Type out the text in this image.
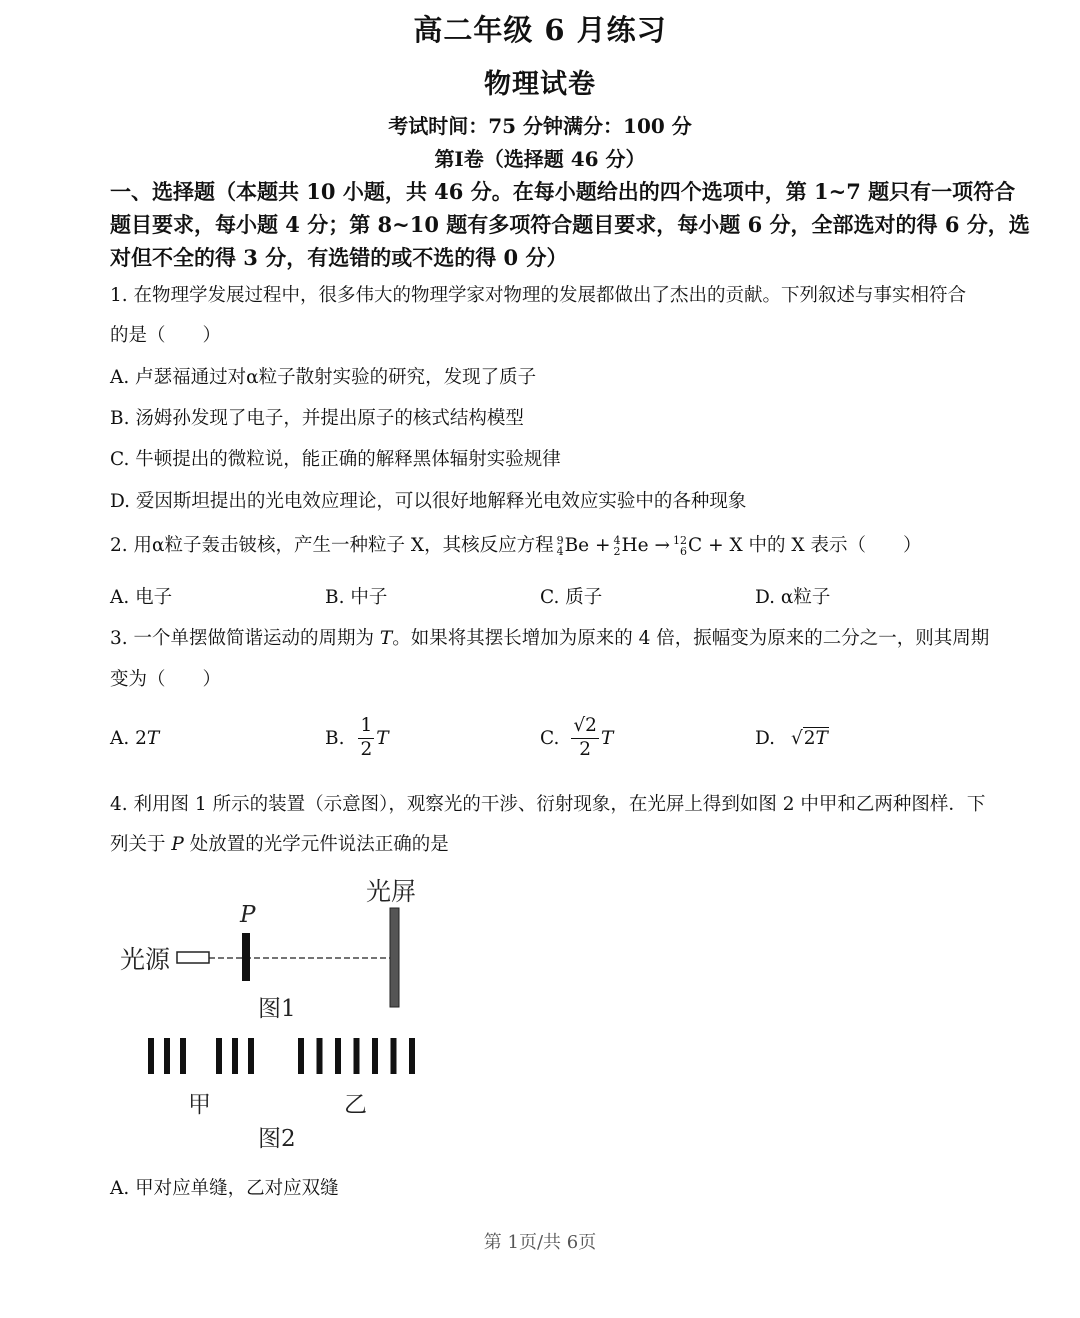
高二年级 6 月练习
物理试卷
考试时间：75 分钟满分：100 分
第Ⅰ卷（选择题 46 分）
一、选择题（本题共 10 小题，共 46 分。在每小题给出的四个选项中，第 1~7 题只有一项符合
题目要求，每小题 4 分；第 8~10 题有多项符合题目要求，每小题 6 分，全部选对的得 6 分，选
对但不全的得 3 分，有选错的或不选的得 0 分）
1. 在物理学发展过程中，很多伟大的物理学家对物理的发展都做出了杰出的贡献。下列叙述与事实相符合
的是（　　）
A. 卢瑟福通过对α粒子散射实验的研究，发现了质子
B. 汤姆孙发现了电子，并提出原子的核式结构模型
C. 牛顿提出的微粒说，能正确的解释黑体辐射实验规律
D. 爱因斯坦提出的光电效应理论，可以很好地解释光电效应实验中的各种现象
2. 用α粒子轰击铍核，产生一种粒子 X，其核反应方程 9
4 Be + 4
2 He → 12
6 C + X 中的 X 表示（　　）
A. 电子	B. 中子	C. 质子	D. α粒子
3. 一个单摆做简谐运动的周期为 T。如果将其摆长增加为原来的 4 倍，振幅变为原来的二分之一，则其周期
变为（　　）
A. 2T	B. $\frac{1}{2}$ T	C. $\frac{√2}{2}$ T	D. √2T
4. 利用图 1 所示的装置（示意图），观察光的干涉、衍射现象，在光屏上得到如图 2 中甲和乙两种图样．下
列关于 P 处放置的光学元件说法正确的是
光源
P
光屏
图1
甲	乙
图2
A. 甲对应单缝，乙对应双缝
第 1页/共 6页
